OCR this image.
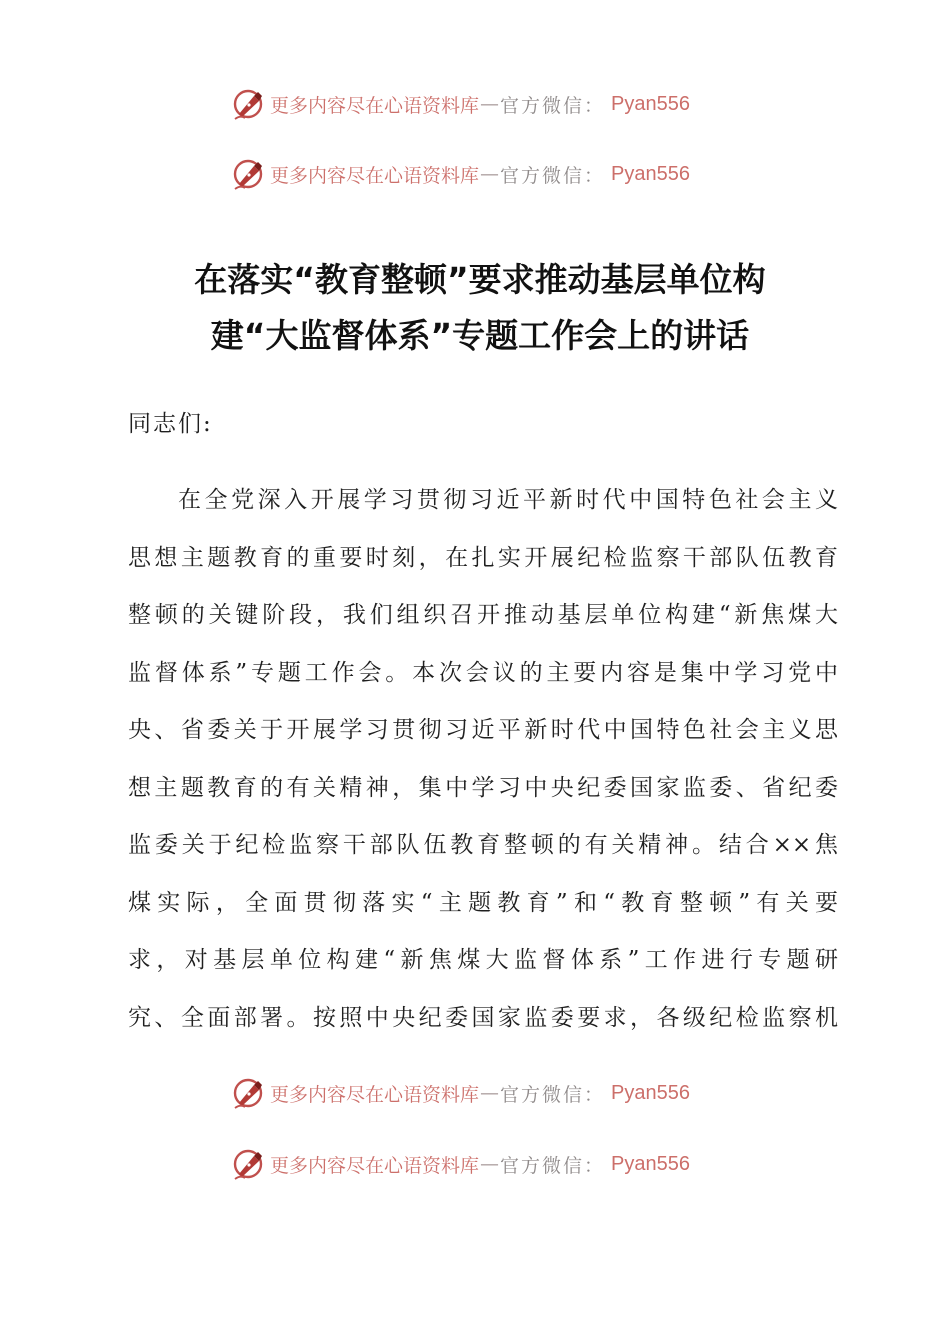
更多内容尽在心语资料库 — 官方微信： Pyan556
更多内容尽在心语资料库 — 官方微信： Pyan556
在落实“教育整顿”要求推动基层单位构
建“大监督体系”专题工作会上的讲话
同志们:
在全党深入开展学习贯彻习近平新时代中国特色社会主义
思想主题教育的重要时刻，在扎实开展纪检监察干部队伍教育
整顿的关键阶段，我们组织召开推动基层单位构建“新焦煤大
监督体系”专题工作会。本次会议的主要内容是集中学习党中
央、省委关于开展学习贯彻习近平新时代中国特色社会主义思
想主题教育的有关精神，集中学习中央纪委国家监委、省纪委
监委关于纪检监察干部队伍教育整顿的有关精神。结合××焦
煤实际，全面贯彻落实“主题教育”和“教育整顿”有关要
求，对基层单位构建“新焦煤大监督体系”工作进行专题研
究、全面部署。按照中央纪委国家监委要求，各级纪检监察机
更多内容尽在心语资料库 — 官方微信： Pyan556
更多内容尽在心语资料库 — 官方微信： Pyan556
